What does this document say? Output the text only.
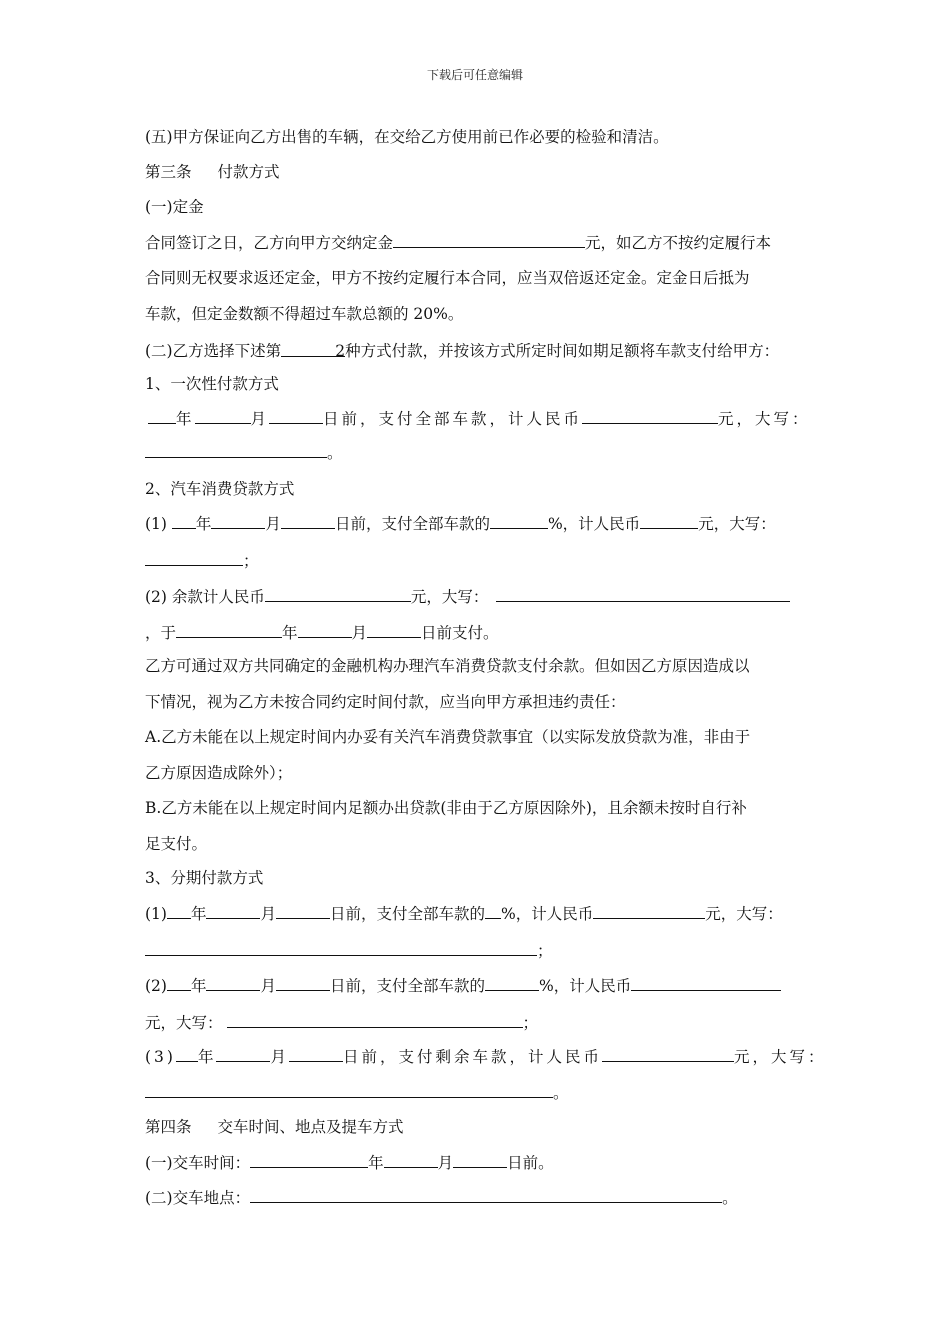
下载后可任意编辑
(五)甲方保证向乙方出售的车辆，在交给乙方使用前已作必要的检验和清洁。
第三条 付款方式
(一)定金
合同签订之日，乙方向甲方交纳定金	元，如乙方不按约定履行本
合同则无权要求返还定金，甲方不按约定履行本合同，应当双倍返还定金。定金日后抵为
车款，但定金数额不得超过车款总额的 20%。
(二)乙方选择下述第	2种方式付款，并按该方式所定时间如期足额将车款支付给甲方：
1、一次性付款方式
年	月	日前，支付全部车款，计人民币	元，大写：
。
2、汽车消费贷款方式
(1) 年	月	日前，支付全部车款的	%，计人民币	元，大写：
；
(2) 余款计人民币	元，大写：
，于	年	月	日前支付。
乙方可通过双方共同确定的金融机构办理汽车消费贷款支付余款。但如因乙方原因造成以
下情况，视为乙方未按合同约定时间付款，应当向甲方承担违约责任：
A.乙方未能在以上规定时间内办妥有关汽车消费贷款事宜（以实际发放贷款为准，非由于
乙方原因造成除外）；
B.乙方未能在以上规定时间内足额办出贷款(非由于乙方原因除外)，且余额未按时自行补
足支付。
3、分期付款方式
(1) 年	月	日前，支付全部车款的 %，计人民币	元，大写：
；
(2) 年	月	日前，支付全部车款的	%，计人民币
元，大写：	；
(3) 年	月	日前，支付剩余车款，计人民币	元，大写：
。
第四条 交车时间、地点及提车方式
(一)交车时间：	年	月	日前。
(二)交车地点：	。
